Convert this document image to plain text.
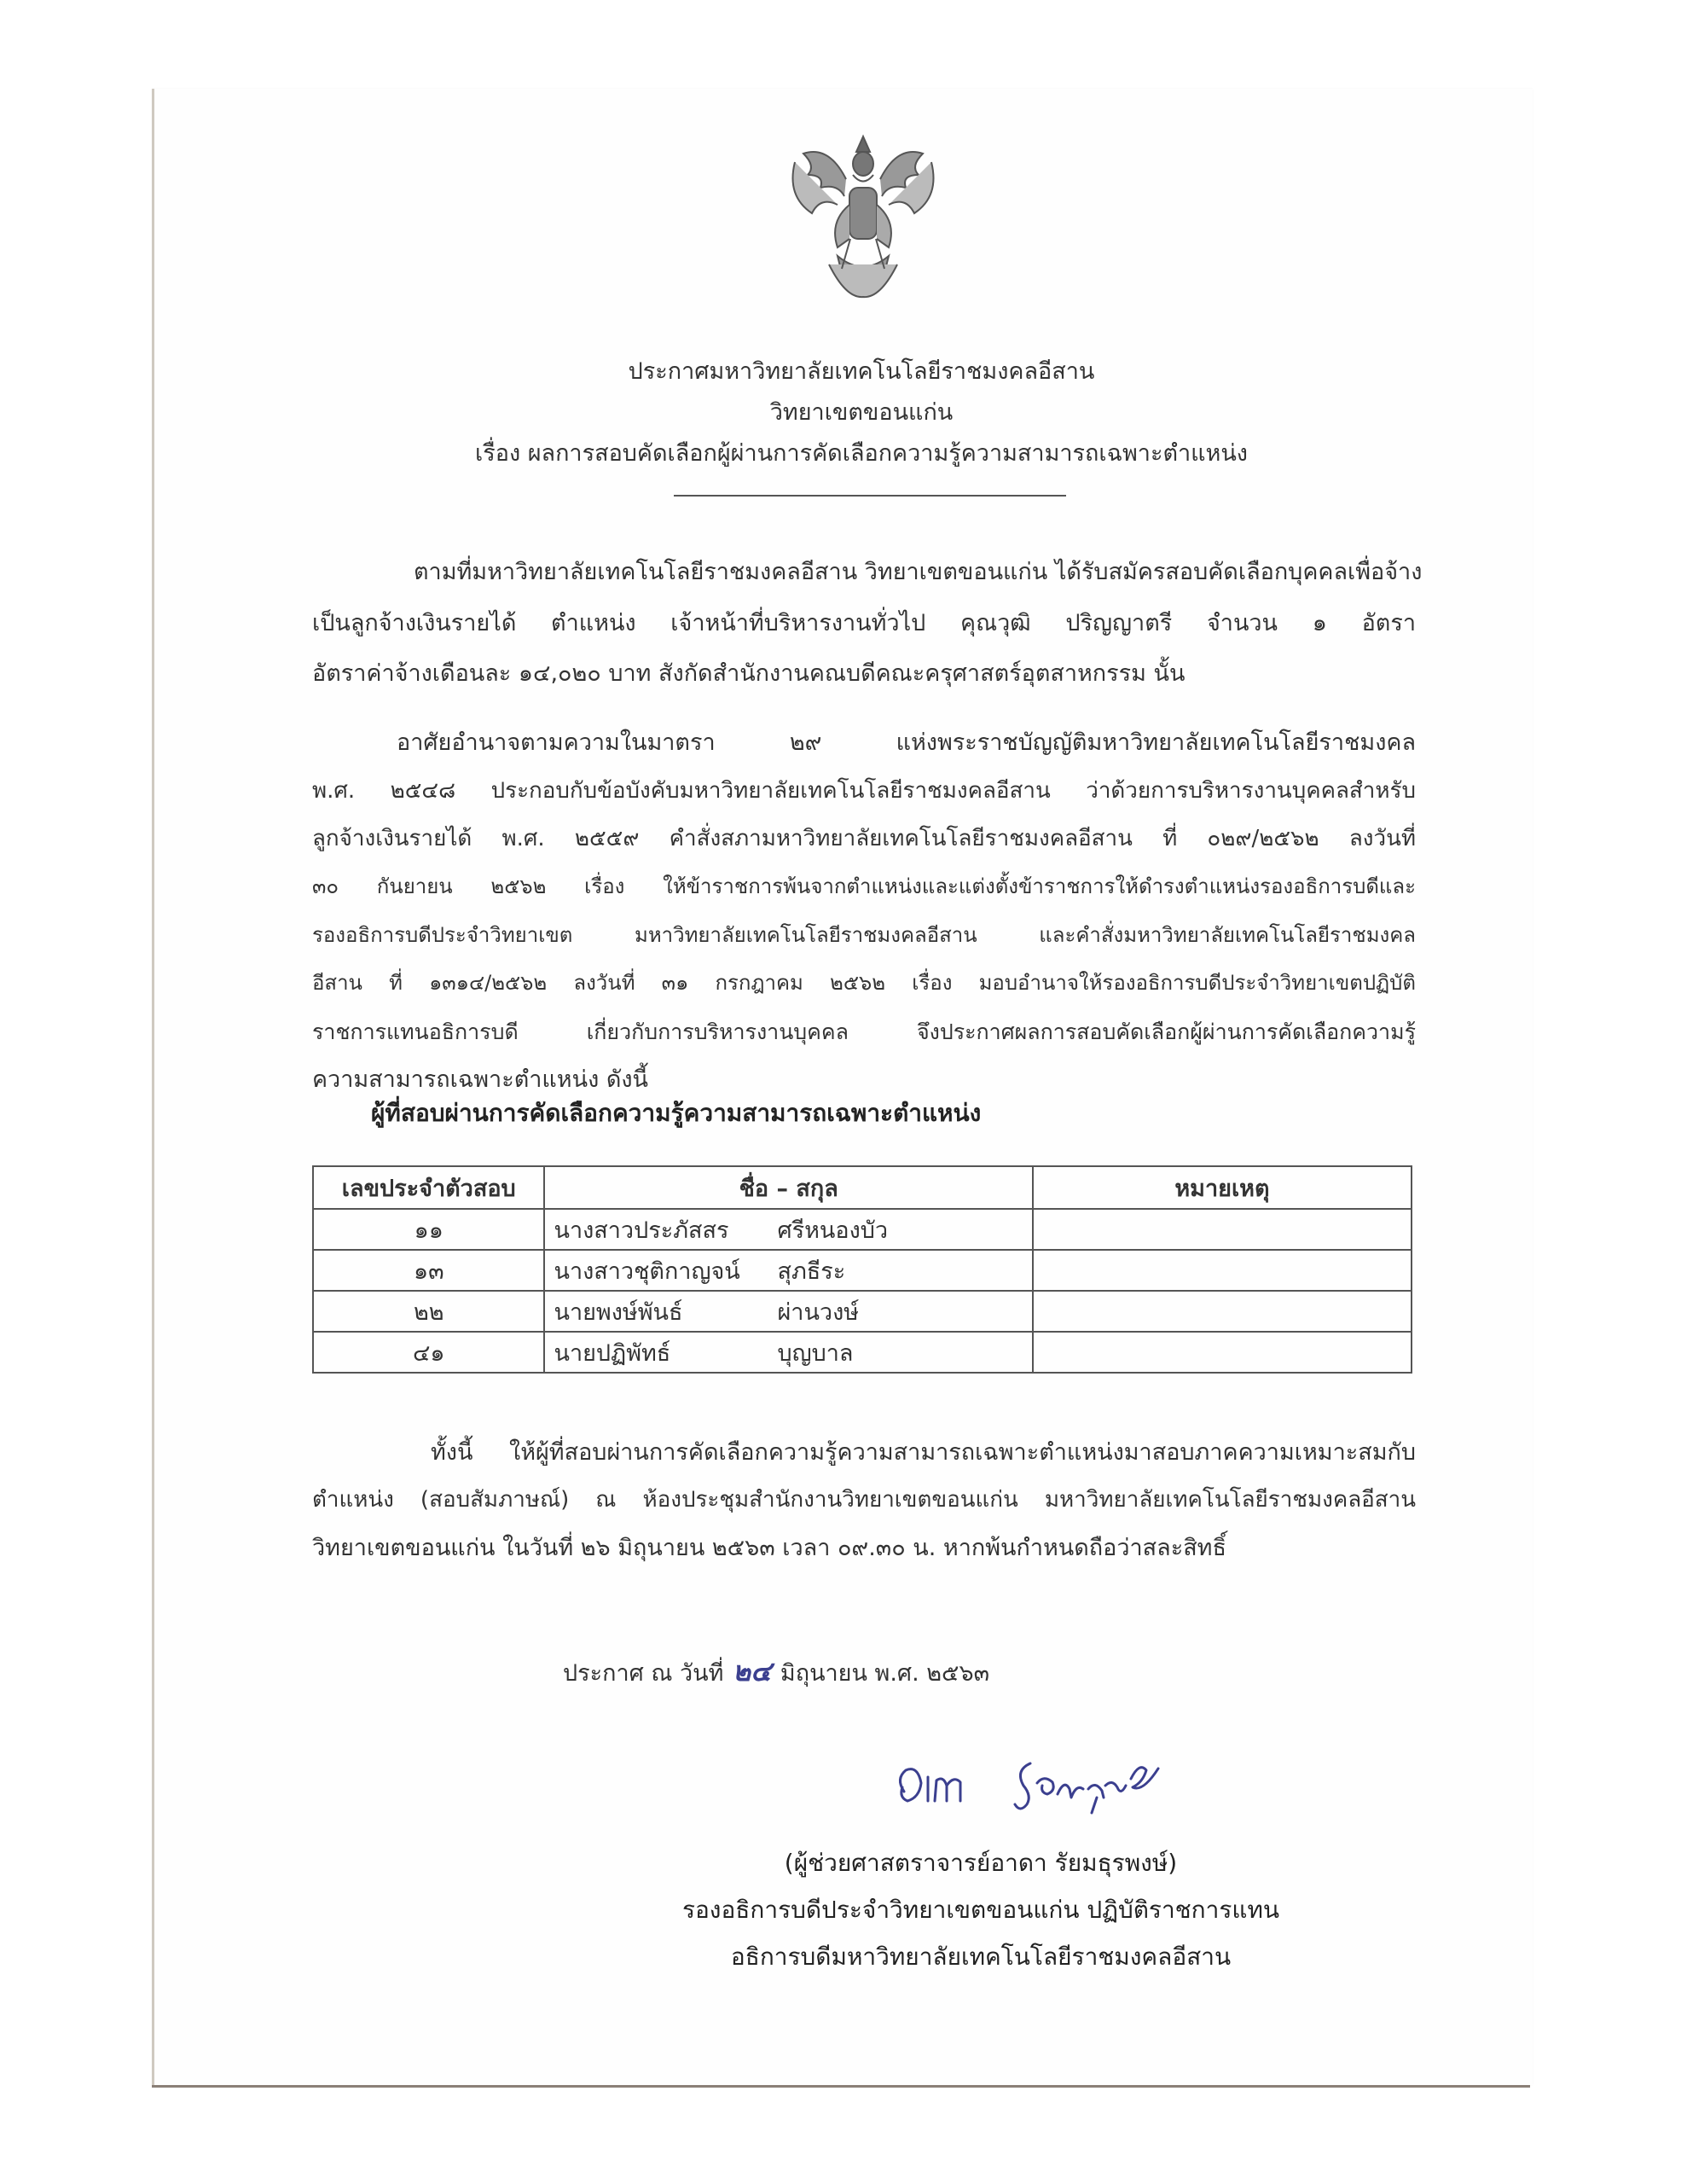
ประกาศมหาวิทยาลัยเทคโนโลยีราชมงคลอีสาน
วิทยาเขตขอนแก่น
เรื่อง ผลการสอบคัดเลือกผู้ผ่านการคัดเลือกความรู้ความสามารถเฉพาะตำแหน่ง
ตามที่มหาวิทยาลัยเทคโนโลยีราชมงคลอีสาน วิทยาเขตขอนแก่น ได้รับสมัครสอบคัดเลือกบุคคลเพื่อจ้าง
เป็นลูกจ้างเงินรายได้ ตำแหน่ง เจ้าหน้าที่บริหารงานทั่วไป คุณวุฒิ ปริญญาตรี จำนวน ๑ อัตรา
อัตราค่าจ้างเดือนละ ๑๔,๐๒๐ บาท สังกัดสำนักงานคณบดีคณะครุศาสตร์อุตสาหกรรม นั้น
อาศัยอำนาจตามความในมาตรา ๒๙ แห่งพระราชบัญญัติมหาวิทยาลัยเทคโนโลยีราชมงคล
พ.ศ. ๒๕๔๘ ประกอบกับข้อบังคับมหาวิทยาลัยเทคโนโลยีราชมงคลอีสาน ว่าด้วยการบริหารงานบุคคลสำหรับ
ลูกจ้างเงินรายได้ พ.ศ. ๒๕๕๙ คำสั่งสภามหาวิทยาลัยเทคโนโลยีราชมงคลอีสาน ที่ ๐๒๙/๒๕๖๒ ลงวันที่
๓๐ กันยายน ๒๕๖๒ เรื่อง ให้ข้าราชการพ้นจากตำแหน่งและแต่งตั้งข้าราชการให้ดำรงตำแหน่งรองอธิการบดีและ
รองอธิการบดีประจำวิทยาเขต มหาวิทยาลัยเทคโนโลยีราชมงคลอีสาน และคำสั่งมหาวิทยาลัยเทคโนโลยีราชมงคล
อีสาน ที่ ๑๓๑๔/๒๕๖๒ ลงวันที่ ๓๑ กรกฎาคม ๒๕๖๒ เรื่อง มอบอำนาจให้รองอธิการบดีประจำวิทยาเขตปฏิบัติ
ราชการแทนอธิการบดี เกี่ยวกับการบริหารงานบุคคล จึงประกาศผลการสอบคัดเลือกผู้ผ่านการคัดเลือกความรู้
ความสามารถเฉพาะตำแหน่ง ดังนี้
ผู้ที่สอบผ่านการคัดเลือกความรู้ความสามารถเฉพาะตำแหน่ง
เลขประจำตัวสอบ	ชื่อ – สกุล	หมายเหตุ
๑๑	นางสาวประภัสสร ศรีหนองบัว	

๑๓	นางสาวชุติกาญจน์ สุภธีระ	

๒๒	นายพงษ์พันธ์ ผ่านวงษ์	

๔๑	นายปฏิพัทธ์ บุญบาล	

ทั้งนี้ ให้ผู้ที่สอบผ่านการคัดเลือกความรู้ความสามารถเฉพาะตำแหน่งมาสอบภาคความเหมาะสมกับ
ตำแหน่ง (สอบสัมภาษณ์) ณ ห้องประชุมสำนักงานวิทยาเขตขอนแก่น มหาวิทยาลัยเทคโนโลยีราชมงคลอีสาน
วิทยาเขตขอนแก่น ในวันที่ ๒๖ มิถุนายน ๒๕๖๓ เวลา ๐๙.๓๐ น. หากพ้นกำหนดถือว่าสละสิทธิ์
ประกาศ ณ วันที่ ๒๔ มิถุนายน พ.ศ. ๒๕๖๓
(ผู้ช่วยศาสตราจารย์อาดา รัยมธุรพงษ์)
รองอธิการบดีประจำวิทยาเขตขอนแก่น ปฏิบัติราชการแทน
อธิการบดีมหาวิทยาลัยเทคโนโลยีราชมงคลอีสาน
